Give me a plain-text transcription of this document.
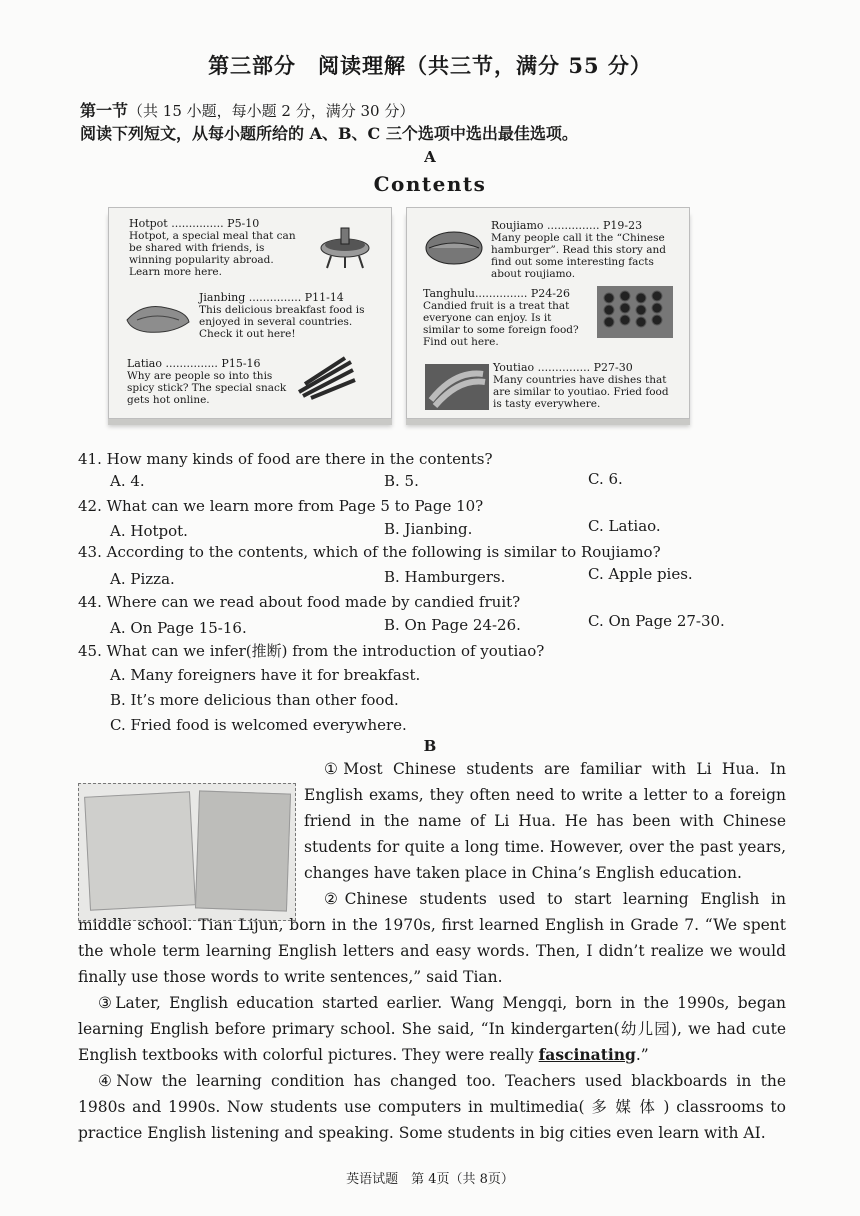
第三部分　阅读理解（共三节，满分 55 分）
第一节（共 15 小题，每小题 2 分，满分 30 分）
阅读下列短文，从每小题所给的 A、B、C 三个选项中选出最佳选项。
A
Contents
Hotpot ............... P5-10
Hotpot, a special meal that can be shared with friends, is winning popularity abroad. Learn more here.
Jianbing ............... P11-14
This delicious breakfast food is enjoyed in several countries. Check it out here!
Latiao ............... P15-16
Why are people so into this spicy stick? The special snack gets hot online.
Roujiamo ............... P19-23
Many people call it the “Chinese hamburger”. Read this story and find out some interesting facts about roujiamo.
Tanghulu............... P24-26
Candied fruit is a treat that everyone can enjoy. Is it similar to some foreign food? Find out here.
Youtiao ............... P27-30
Many countries have dishes that are similar to youtiao. Fried food is tasty everywhere.
41. How many kinds of food are there in the contents?
A. 4.	B. 5.	C. 6.
42. What can we learn more from Page 5 to Page 10?
A. Hotpot.	B. Jianbing.	C. Latiao.
43. According to the contents, which of the following is similar to Roujiamo?
A. Pizza.	B. Hamburgers.	C. Apple pies.
44. Where can we read about food made by candied fruit?
A. On Page 15-16.	B. On Page 24-26.	C. On Page 27-30.
45. What can we infer(推断) from the introduction of youtiao?
A. Many foreigners have it for breakfast.
B. It’s more delicious than other food.
C. Fried food is welcomed everywhere.
B
①Most Chinese students are familiar with Li Hua. In English exams, they often need to write a letter to a foreign friend in the name of Li Hua. He has been with Chinese students for quite a long time. However, over the past years, changes have taken place in China’s English education.
②Chinese students used to start learning English in middle school. Tian Lijun, born in the 1970s, first learned English in Grade 7. “We spent the whole term learning English letters and easy words. Then, I didn’t realize we would finally use those words to write sentences,” said Tian.
③Later, English education started earlier. Wang Mengqi, born in the 1990s, began learning English before primary school. She said, “In kindergarten(幼儿园), we had cute English textbooks with colorful pictures. They were really fascinating.”
④Now the learning condition has changed too. Teachers used blackboards in the 1980s and 1990s. Now students use computers in multimedia( 多 媒 体 ) classrooms to practice English listening and speaking. Some students in big cities even learn with AI.
英语试题　第 4页（共 8页）
